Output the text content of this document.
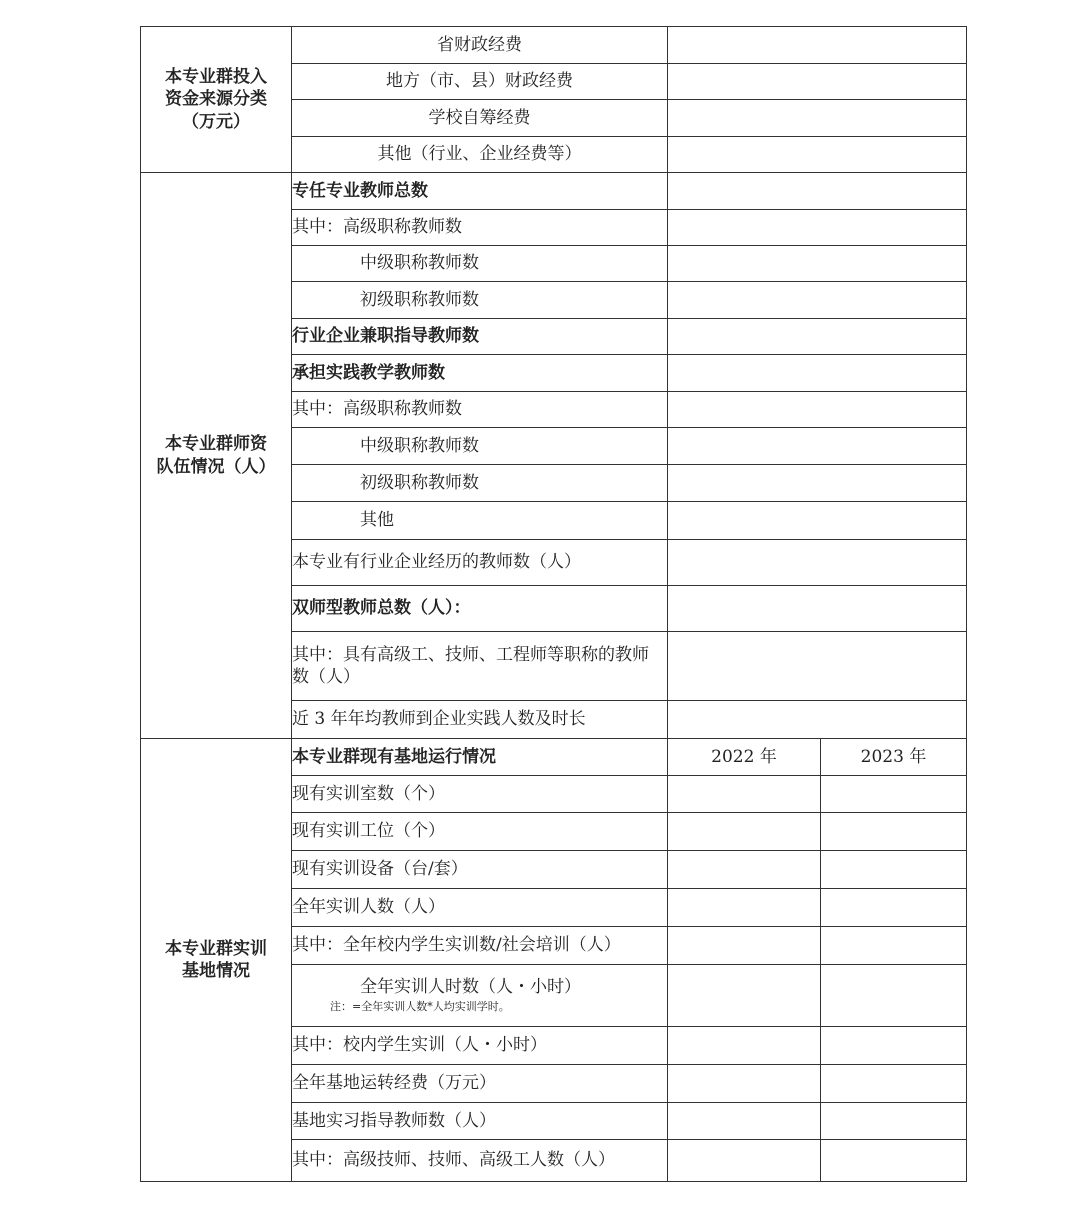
本专业群投入
资金来源分类
（万元）	省财政经费		
	地方（市、县）财政经费		
	学校自筹经费		
	其他（行业、企业经费等）		

本专业群师资
队伍情况（人）	专任专业教师总数		
	其中：高级职称教师数		
	中级职称教师数		
	初级职称教师数		
	行业企业兼职指导教师数		
	承担实践教学教师数		
	其中：高级职称教师数		
	中级职称教师数		
	初级职称教师数		
	其他		
	本专业有行业企业经历的教师数（人）		
	双师型教师总数（人）：		
	其中：具有高级工、技师、工程师等职称的教师数（人）		
	近 3 年年均教师到企业实践人数及时长		

本专业群实训
基地情况	本专业群现有基地运行情况	2022 年	2023 年
	现有实训室数（个）		
	现有实训工位（个）		
	现有实训设备（台/套）		
	全年实训人数（人）		
	其中：全年校内学生实训数/社会培训（人）		
	全年实训人时数（人・小时）
注：=全年实训人数*人均实训学时。		

	其中：校内学生实训（人・小时）		
	全年基地运转经费（万元）		
	基地实习指导教师数（人）		
	其中：高级技师、技师、高级工人数（人）		
